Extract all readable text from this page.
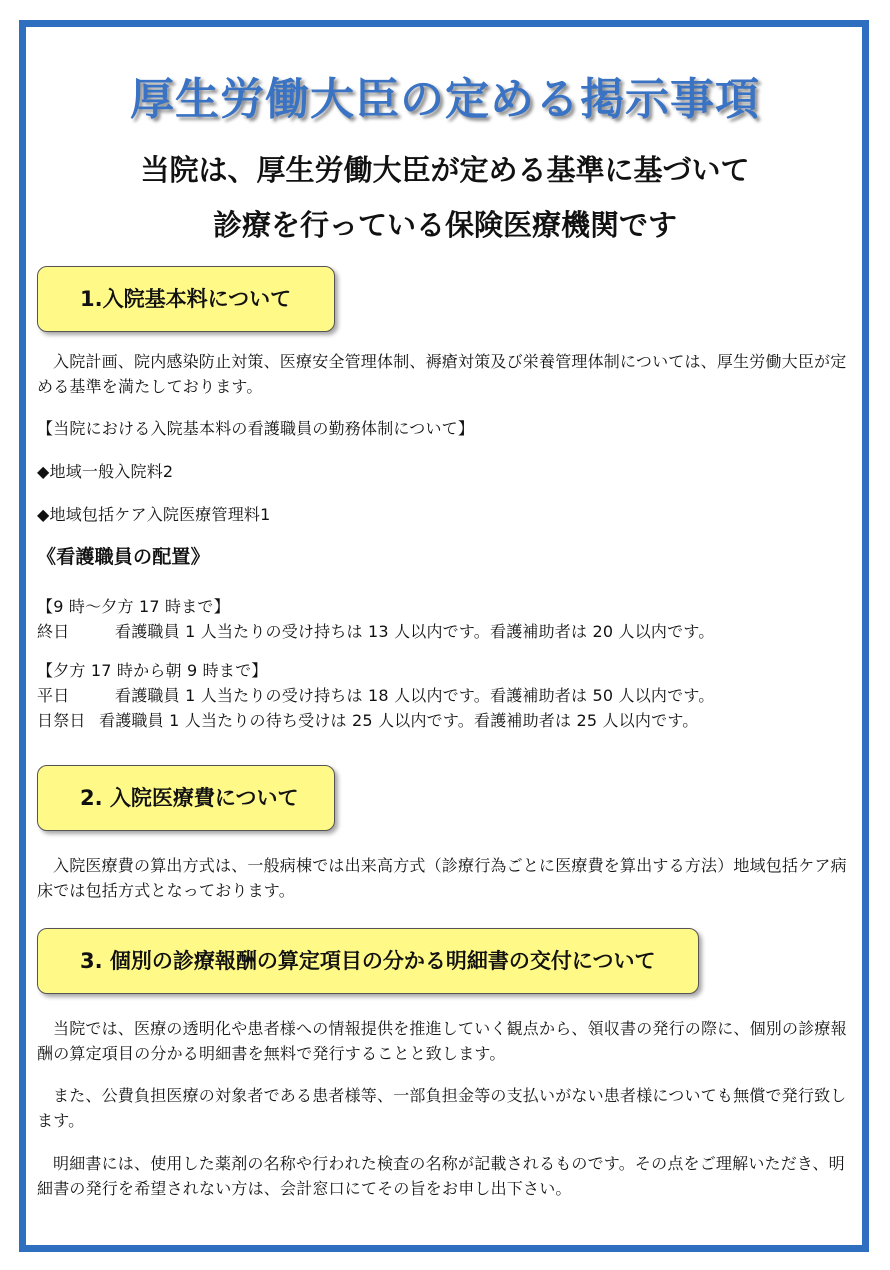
厚生労働大臣の定める掲示事項
当院は、厚生労働大臣が定める基準に基づいて
診療を行っている保険医療機関です
1.入院基本料について
入院計画、院内感染防止対策、医療安全管理体制、褥瘡対策及び栄養管理体制については、厚生労働大臣が定める基準を満たしております。
【当院における入院基本料の看護職員の勤務体制について】
◆地域一般入院料2
◆地域包括ケア入院医療管理料1
《看護職員の配置》
【9 時～夕方 17 時まで】
終日	看護職員 1 人当たりの受け持ちは 13 人以内です。看護補助者は 20 人以内です。
【夕方 17 時から朝 9 時まで】
平日	看護職員 1 人当たりの受け持ちは 18 人以内です。看護補助者は 50 人以内です。
日祭日 看護職員 1 人当たりの待ち受けは 25 人以内です。看護補助者は 25 人以内です。
2. 入院医療費について
入院医療費の算出方式は、一般病棟では出来高方式（診療行為ごとに医療費を算出する方法）地域包括ケア病床では包括方式となっております。
3. 個別の診療報酬の算定項目の分かる明細書の交付について
当院では、医療の透明化や患者様への情報提供を推進していく観点から、領収書の発行の際に、個別の診療報酬の算定項目の分かる明細書を無料で発行することと致します。
また、公費負担医療の対象者である患者様等、一部負担金等の支払いがない患者様についても無償で発行致します。
明細書には、使用した薬剤の名称や行われた検査の名称が記載されるものです。その点をご理解いただき、明細書の発行を希望されない方は、会計窓口にてその旨をお申し出下さい。
